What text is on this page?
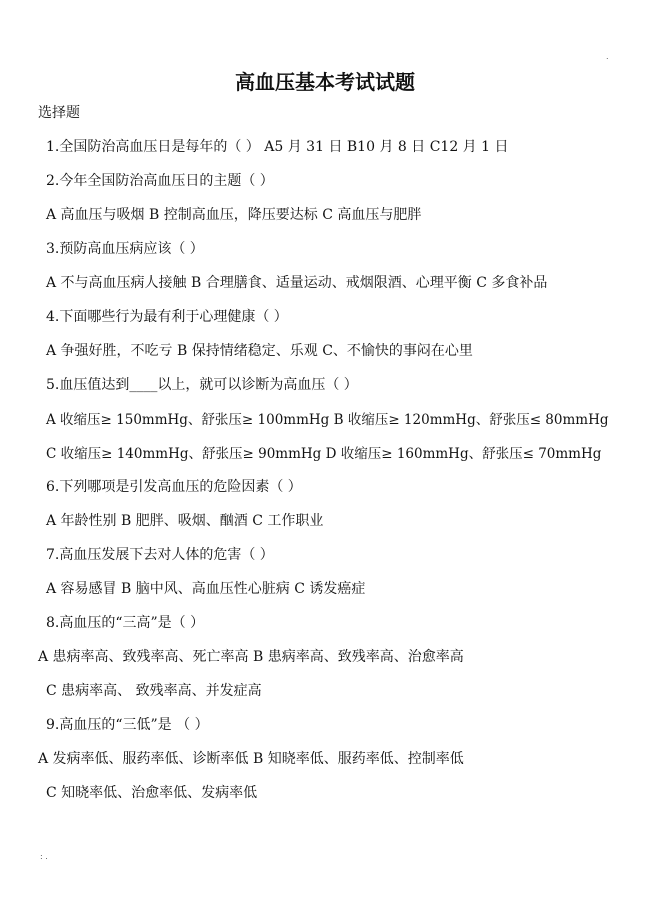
高血压基本考试试题
选择题
1.全国防治高血压日是每年的（ ） A5 月 31 日 B10 月 8 日 C12 月 1 日
2.今年全国防治高血压日的主题（ ）
A 高血压与吸烟 B 控制高血压，降压要达标 C 高血压与肥胖
3.预防高血压病应该（ ）
A 不与高血压病人接触 B 合理膳食、适量运动、戒烟限酒、心理平衡 C 多食补品
4.下面哪些行为最有利于心理健康（ ）
A 争强好胜，不吃亏 B 保持情绪稳定、乐观 C、不愉快的事闷在心里
5.血压值达到____以上，就可以诊断为高血压（ ）
A 收缩压≥ 150mmHg、舒张压≥ 100mmHg B 收缩压≥ 120mmHg、舒张压≤ 80mmHg
C 收缩压≥ 140mmHg、舒张压≥ 90mmHg D 收缩压≥ 160mmHg、舒张压≤ 70mmHg
6.下列哪项是引发高血压的危险因素（ ）
A 年龄性别 B 肥胖、吸烟、酗酒 C 工作职业
7.高血压发展下去对人体的危害（ ）
A 容易感冒 B 脑中风、高血压性心脏病 C 诱发癌症
8.高血压的“三高”是（ ）
A 患病率高、致残率高、死亡率高 B 患病率高、致残率高、治愈率高
C 患病率高、 致残率高、并发症高
9.高血压的“三低”是 （ ）
A 发病率低、服药率低、诊断率低 B 知晓率低、服药率低、控制率低
C 知晓率低、治愈率低、发病率低
.
: .
